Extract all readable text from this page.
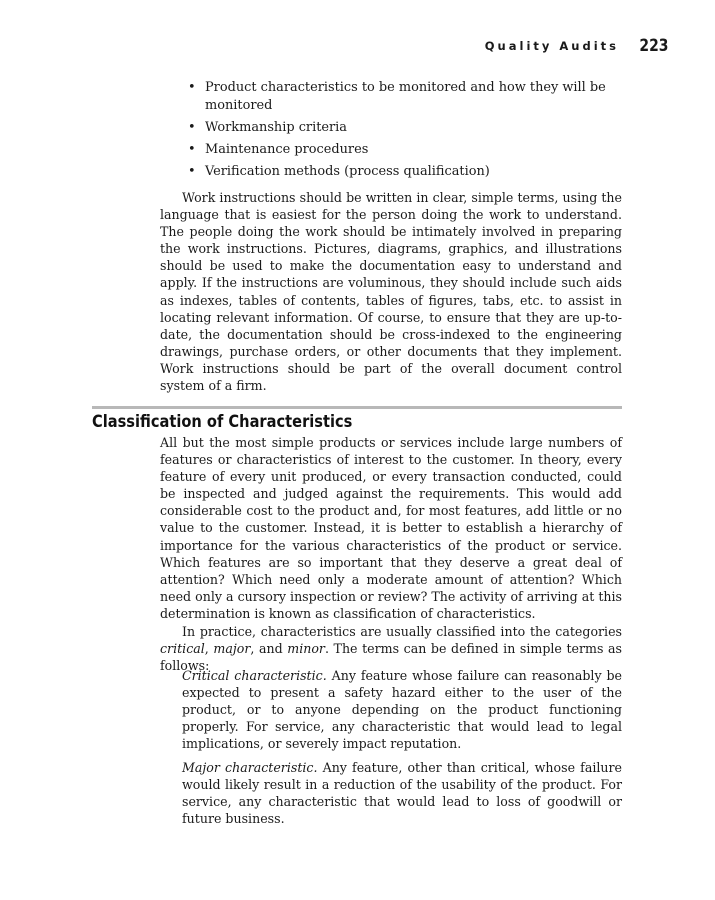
Quality Audits 223
• Product characteristics to be monitored and how they will be monitored
• Workmanship criteria
• Maintenance procedures
• Verification methods (process qualification)

Work instructions should be written in clear, simple terms, using the language that is easiest for the person doing the work to understand. The people doing the work should be intimately involved in preparing the work instructions. Pictures, diagrams, graphics, and illustrations should be used to make the documentation easy to understand and apply. If the instructions are voluminous, they should include such aids as indexes, tables of contents, tables of figures, tabs, etc. to assist in locating relevant information. Of course, to ensure that they are up-to-date, the documentation should be cross-indexed to the engineering drawings, purchase orders, or other documents that they implement. Work instructions should be part of the overall document control system of a firm.

Classification of Characteristics

All but the most simple products or services include large numbers of features or characteristics of interest to the customer. In theory, every feature of every unit produced, or every transaction conducted, could be inspected and judged against the requirements. This would add considerable cost to the product and, for most features, add little or no value to the customer. Instead, it is better to establish a hierarchy of importance for the various characteristics of the product or service. Which features are so important that they deserve a great deal of attention? Which need only a moderate amount of attention? Which need only a cursory inspection or review? The activity of arriving at this determination is known as classification of characteristics.

In practice, characteristics are usually classified into the categories critical, major, and minor. The terms can be defined in simple terms as follows:

Critical characteristic. Any feature whose failure can reasonably be expected to present a safety hazard either to the user of the product, or to anyone depending on the product functioning properly. For service, any characteristic that would lead to legal implications, or severely impact reputation.

Major characteristic. Any feature, other than critical, whose failure would likely result in a reduction of the usability of the product. For service, any characteristic that would lead to loss of goodwill or future business.
